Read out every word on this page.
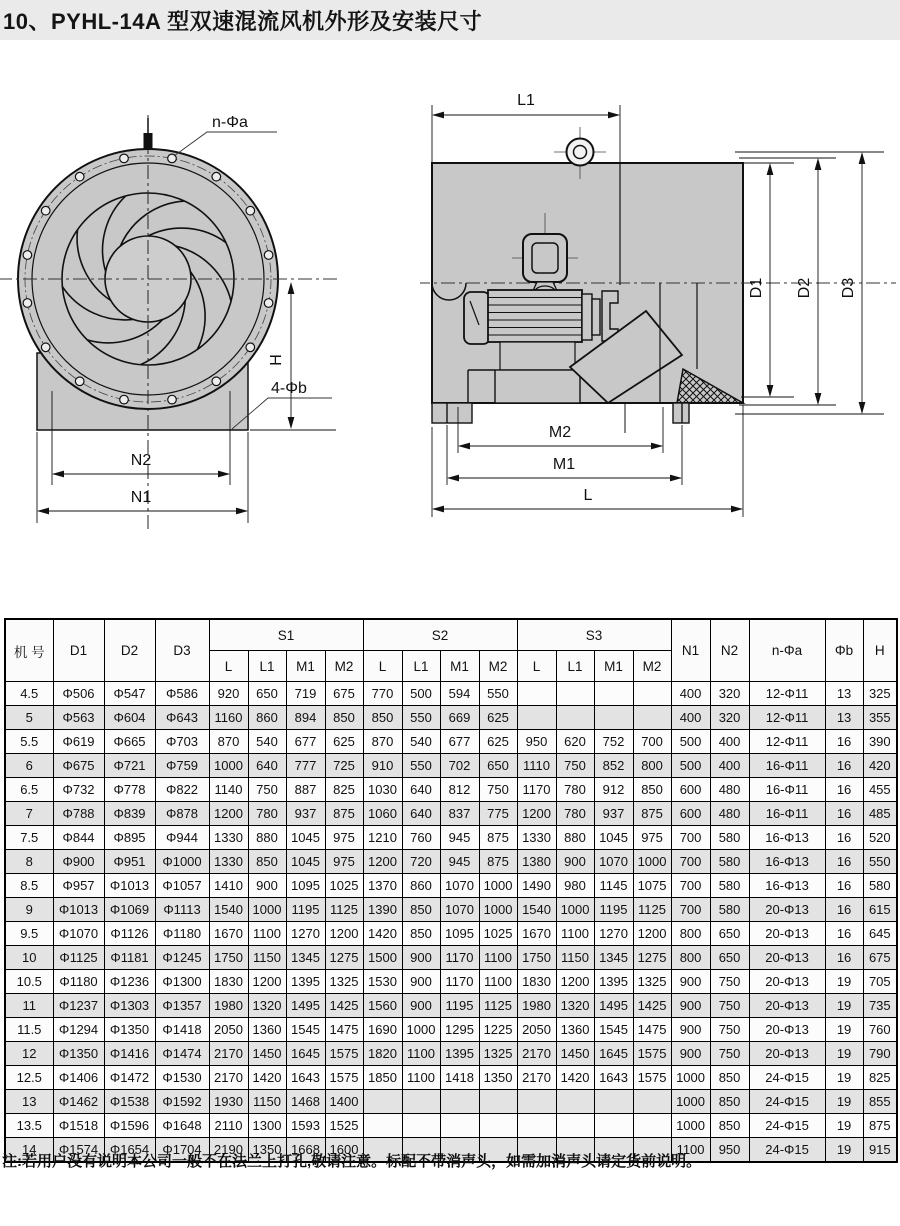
10、PYHL-14A 型双速混流风机外形及安装尺寸
n-Φa
H
4-Φb
N2
N1
L1
D1 D2 D3
M2
M1
L
机 号	D1	D2	D3	S1				S2				S3				N1	N2	n-Φa	Φb	H
				L	L1	M1	M2	L	L1	M1	M2	L	L1	M1	M2					
4.5	Φ506	Φ547	Φ586	920	650	719	675	770	500	594	550					400	320	12-Φ11	13	325
5	Φ563	Φ604	Φ643	1160	860	894	850	850	550	669	625					400	320	12-Φ11	13	355
5.5	Φ619	Φ665	Φ703	870	540	677	625	870	540	677	625	950	620	752	700	500	400	12-Φ11	16	390
6	Φ675	Φ721	Φ759	1000	640	777	725	910	550	702	650	1110	750	852	800	500	400	16-Φ11	16	420
6.5	Φ732	Φ778	Φ822	1140	750	887	825	1030	640	812	750	1170	780	912	850	600	480	16-Φ11	16	455
7	Φ788	Φ839	Φ878	1200	780	937	875	1060	640	837	775	1200	780	937	875	600	480	16-Φ11	16	485
7.5	Φ844	Φ895	Φ944	1330	880	1045	975	1210	760	945	875	1330	880	1045	975	700	580	16-Φ13	16	520
8	Φ900	Φ951	Φ1000	1330	850	1045	975	1200	720	945	875	1380	900	1070	1000	700	580	16-Φ13	16	550
8.5	Φ957	Φ1013	Φ1057	1410	900	1095	1025	1370	860	1070	1000	1490	980	1145	1075	700	580	16-Φ13	16	580
9	Φ1013	Φ1069	Φ1113	1540	1000	1195	1125	1390	850	1070	1000	1540	1000	1195	1125	700	580	20-Φ13	16	615
9.5	Φ1070	Φ1126	Φ1180	1670	1100	1270	1200	1420	850	1095	1025	1670	1100	1270	1200	800	650	20-Φ13	16	645
10	Φ1125	Φ1181	Φ1245	1750	1150	1345	1275	1500	900	1170	1100	1750	1150	1345	1275	800	650	20-Φ13	16	675
10.5	Φ1180	Φ1236	Φ1300	1830	1200	1395	1325	1530	900	1170	1100	1830	1200	1395	1325	900	750	20-Φ13	19	705
11	Φ1237	Φ1303	Φ1357	1980	1320	1495	1425	1560	900	1195	1125	1980	1320	1495	1425	900	750	20-Φ13	19	735
11.5	Φ1294	Φ1350	Φ1418	2050	1360	1545	1475	1690	1000	1295	1225	2050	1360	1545	1475	900	750	20-Φ13	19	760
12	Φ1350	Φ1416	Φ1474	2170	1450	1645	1575	1820	1100	1395	1325	2170	1450	1645	1575	900	750	20-Φ13	19	790
12.5	Φ1406	Φ1472	Φ1530	2170	1420	1643	1575	1850	1100	1418	1350	2170	1420	1643	1575	1000	850	24-Φ15	19	825
13	Φ1462	Φ1538	Φ1592	1930	1150	1468	1400									1000	850	24-Φ15	19	855
13.5	Φ1518	Φ1596	Φ1648	2110	1300	1593	1525									1000	850	24-Φ15	19	875
14	Φ1574	Φ1654	Φ1704	2190	1350	1668	1600									1100	950	24-Φ15	19	915
注:若用户没有说明本公司一般不在法兰上打孔,敬请注意。标配不带消声头，如需加消声头请定货前说明。
